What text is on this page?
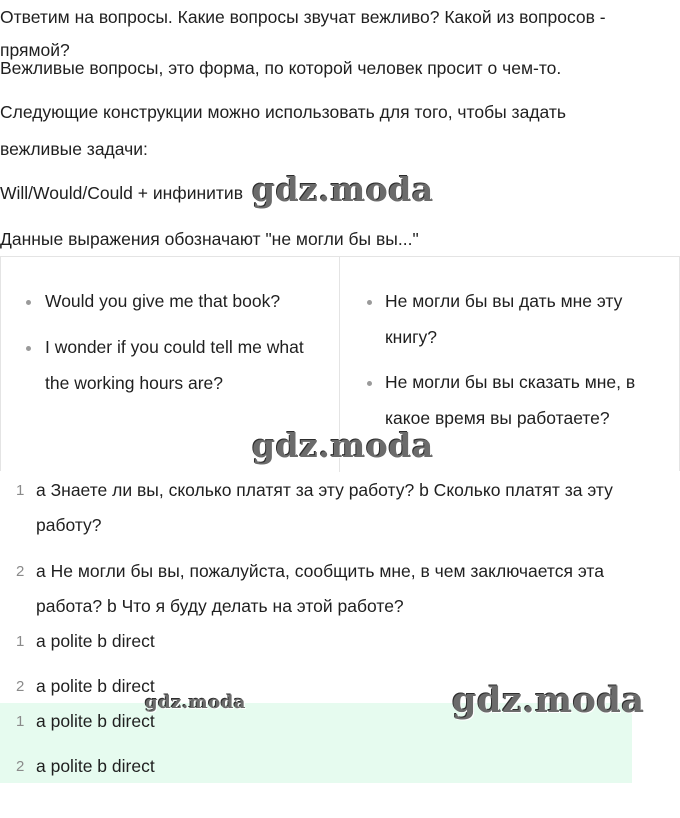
Ответим на вопросы. Какие вопросы звучат вежливо? Какой из вопросов -

прямой?

Вежливые вопросы, это форма, по которой человек просит о чем-то.
Следующие конструкции можно использовать для того, чтобы задать
вежливые задачи:
Will/Would/Could + инфинитив
Данные выражения обозначают "не могли бы вы..."
gdz.moda
Would you give me that book?
I wonder if you could tell me what
the working hours are?
Не могли бы вы дать мне эту
книгу?
Не могли бы вы сказать мне, в
какое время вы работаете?
gdz.moda
1 a Знаете ли вы, сколько платят за эту работу? b Сколько платят за эту
работу?
2 a Не могли бы вы, пожалуйста, сообщить мне, в чем заключается эта
работа? b Что я буду делать на этой работе?
1 a polite b direct
2 a polite b direct
1 a polite b direct
2 a polite b direct
gdz.moda	gdz.moda
